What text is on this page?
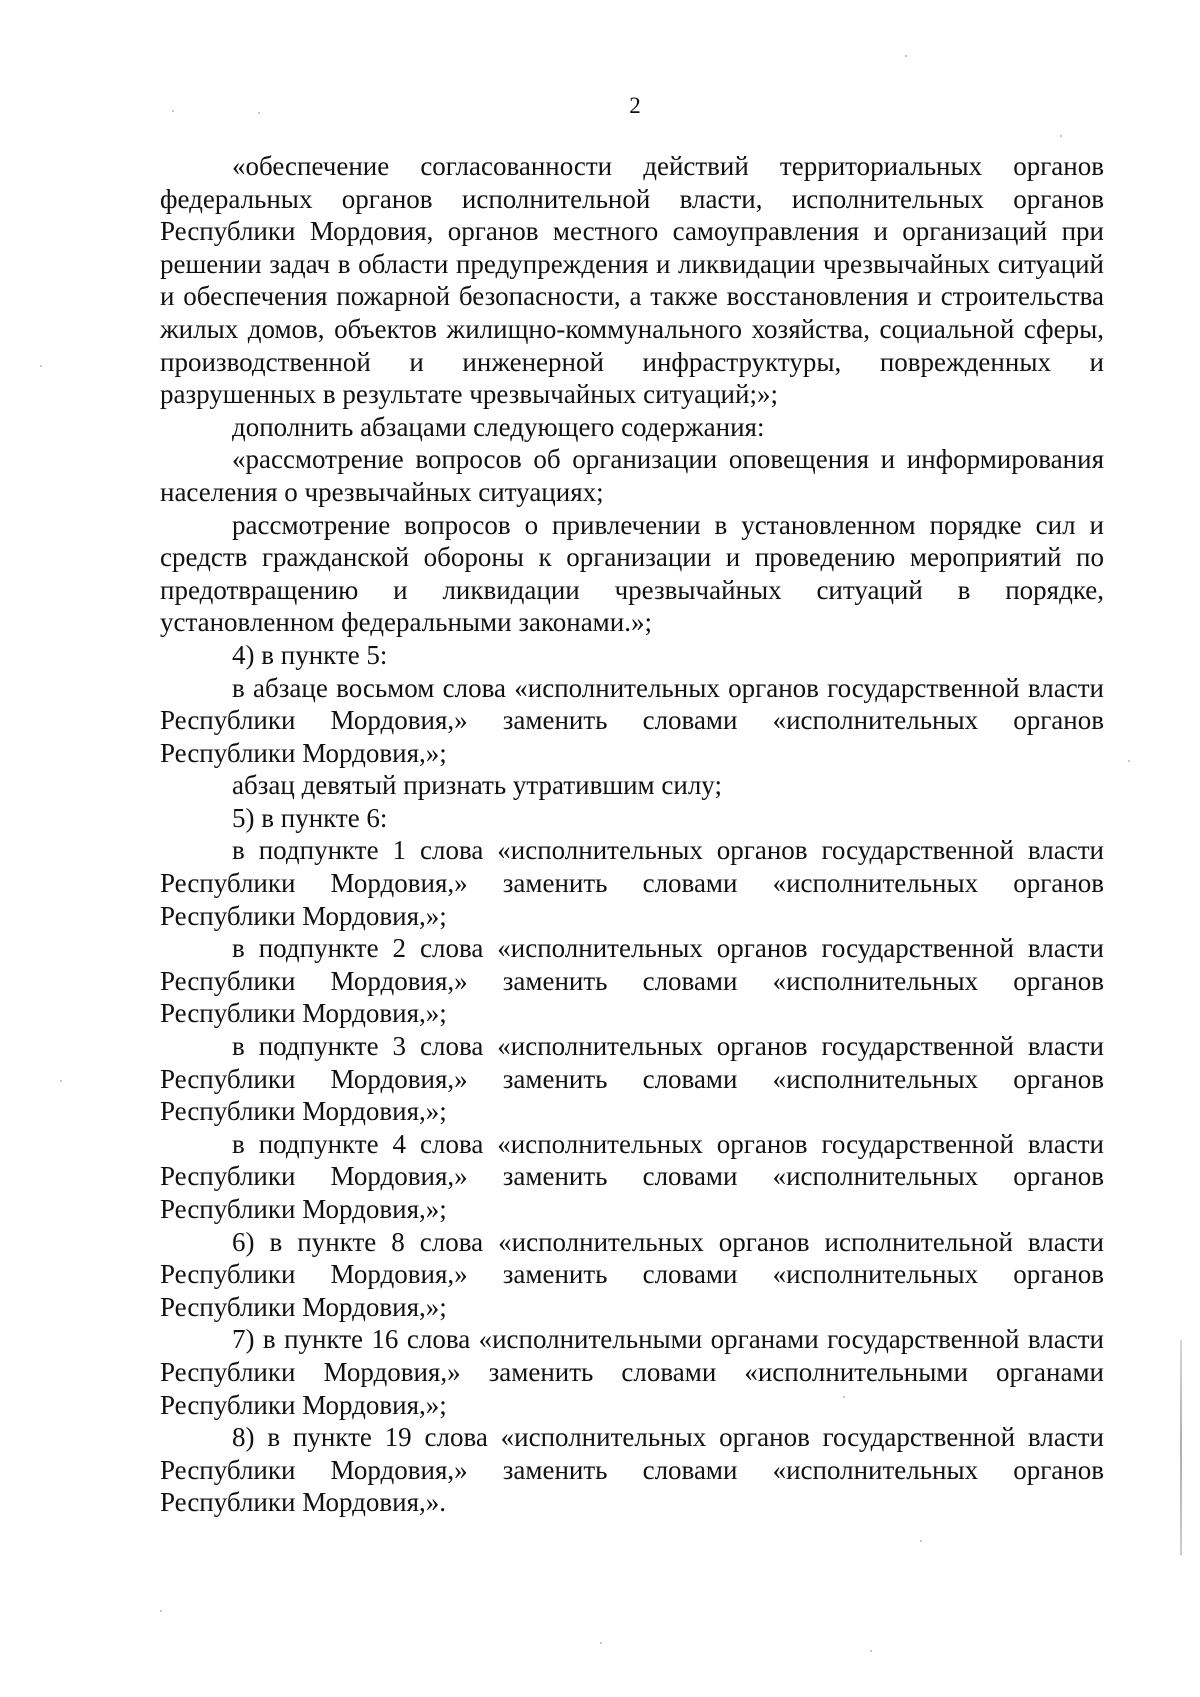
2

«обеспечение согласованности действий территориальных органов федеральных органов исполнительной власти, исполнительных органов Республики Мордовия, органов местного самоуправления и организаций при решении задач в области предупреждения и ликвидации чрезвычайных ситуаций и обеспечения пожарной безопасности, а также восстановления и строительства жилых домов, объектов жилищно-коммунального хозяйства, социальной сферы, производственной и инженерной инфраструктуры, поврежденных и разрушенных в результате чрезвычайных ситуаций;»;

дополнить абзацами следующего содержания:

«рассмотрение вопросов об организации оповещения и информирования населения о чрезвычайных ситуациях;

рассмотрение вопросов о привлечении в установленном порядке сил и средств гражданской обороны к организации и проведению мероприятий по предотвращению и ликвидации чрезвычайных ситуаций в порядке, установленном федеральными законами.»;

4) в пункте 5:

в абзаце восьмом слова «исполнительных органов государственной власти Республики Мордовия,» заменить словами «исполнительных органов Республики Мордовия,»;

абзац девятый признать утратившим силу;

5) в пункте 6:

в подпункте 1 слова «исполнительных органов государственной власти Республики Мордовия,» заменить словами «исполнительных органов Республики Мордовия,»;

в подпункте 2 слова «исполнительных органов государственной власти Республики Мордовия,» заменить словами «исполнительных органов Республики Мордовия,»;

в подпункте 3 слова «исполнительных органов государственной власти Республики Мордовия,» заменить словами «исполнительных органов Республики Мордовия,»;

в подпункте 4 слова «исполнительных органов государственной власти Республики Мордовия,» заменить словами «исполнительных органов Республики Мордовия,»;

6) в пункте 8 слова «исполнительных органов исполнительной власти Республики Мордовия,» заменить словами «исполнительных органов Республики Мордовия,»;

7) в пункте 16 слова «исполнительными органами государственной власти Республики Мордовия,» заменить словами «исполнительными органами Республики Мордовия,»;

8) в пункте 19 слова «исполнительных органов государственной власти Республики Мордовия,» заменить словами «исполнительных органов Республики Мордовия,».
